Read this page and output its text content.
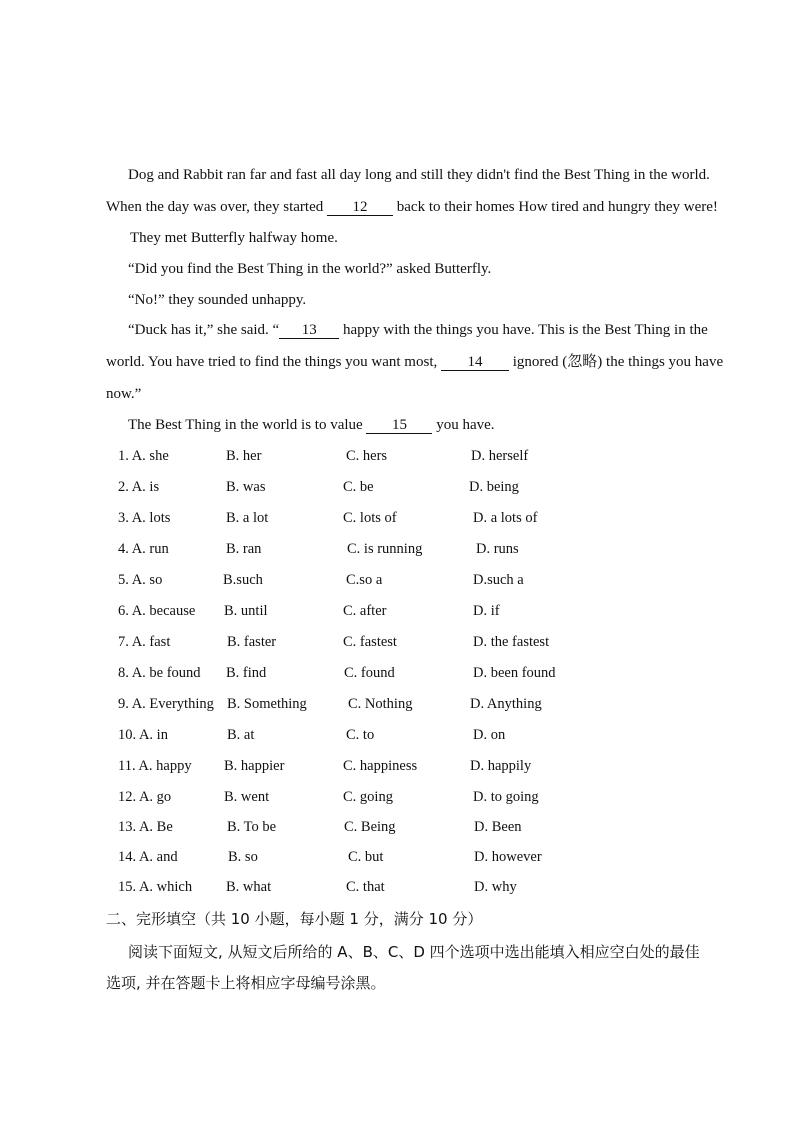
Dog and Rabbit ran far and fast all day long and still they didn't find the Best Thing in the world.
When the day was over, they started 12 back to their homes How tired and hungry they were!
They met Butterfly halfway home.
“Did you find the Best Thing in the world?” asked Butterfly.
“No!” they sounded unhappy.
“Duck has it,” she said. “ 13 happy with the things you have. This is the Best Thing in the
world. You have tried to find the things you want most, 14 ignored (忽略) the things you have
now.”
The Best Thing in the world is to value 15 you have.
1. A. she	B. her	C. hers	D. herself
2. A. is	B. was	C. be	D. being
3. A. lots	B. a lot	C. lots of	D. a lots of
4. A. run	B. ran	C. is running	D. runs
5. A. so	B.such	C.so a	D.such a
6. A. because B. until	C. after	D. if
7. A. fast	B. faster	C. fastest	D. the fastest
8. A. be found B. find	C. found	D. been found
9. A. Everything B. Something	C. Nothing	D. Anything
10. A. in	B. at	C. to	D. on
11. A. happy B. happier	C. happiness	D. happily
12. A. go	B. went	C. going	D. to going
13. A. Be	B. To be	C. Being	D. Been
14. A. and	B. so	C. but	D. however
15. A. which B. what	C. that	D. why
二、完形填空（共 10 小题，每小题 1 分，满分 10 分）
阅读下面短文, 从短文后所给的 A、B、C、D 四个选项中选出能填入相应空白处的最佳
选项, 并在答题卡上将相应字母编号涂黑。
